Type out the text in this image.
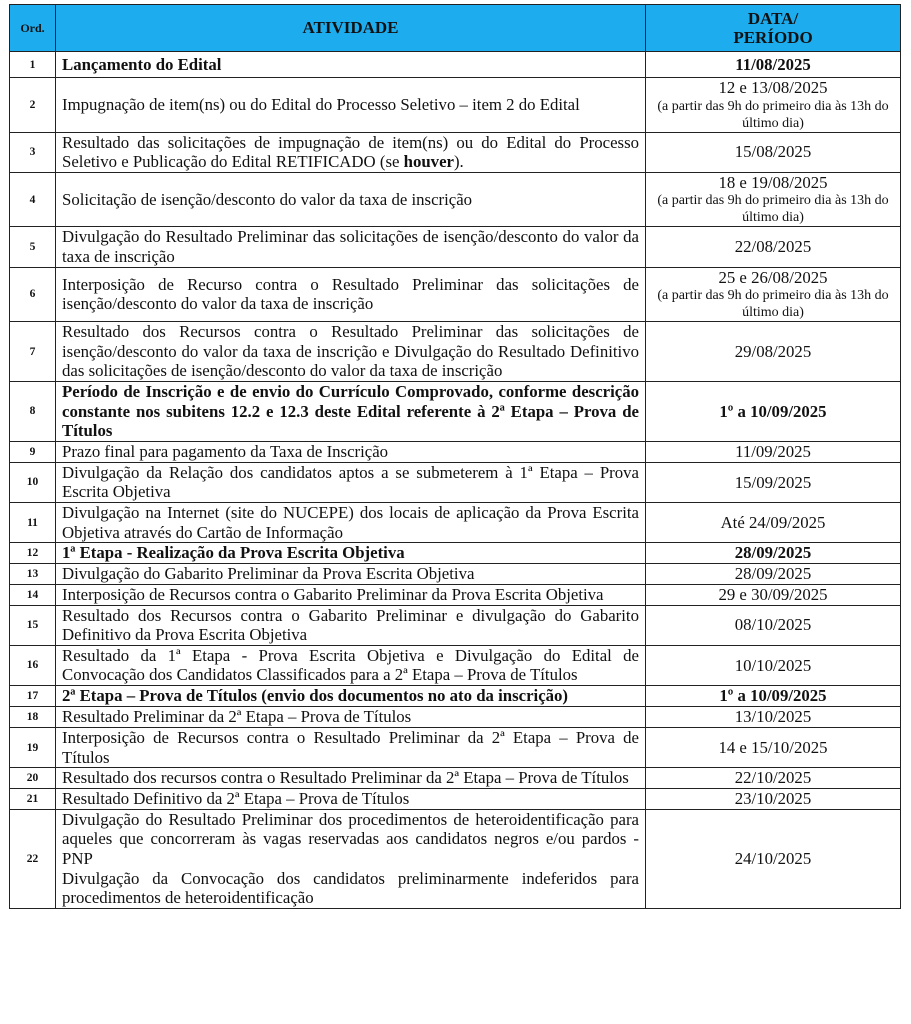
Ord.	ATIVIDADE	DATA/
PERÍODO

1	Lançamento do Edital	11/08/2025
2	Impugnação de item(ns) ou do Edital do Processo Seletivo – item 2 do Edital	12 e 13/08/2025
(a partir das 9h do primeiro dia às 13h do último dia)

3	Resultado das solicitações de impugnação de item(ns) ou do Edital do Processo Seletivo e Publicação do Edital RETIFICADO (se houver).	15/08/2025
4	Solicitação de isenção/desconto do valor da taxa de inscrição	18 e 19/08/2025
(a partir das 9h do primeiro dia às 13h do último dia)

5	Divulgação do Resultado Preliminar das solicitações de isenção/desconto do valor da taxa de inscrição	22/08/2025
6	Interposição de Recurso contra o Resultado Preliminar das solicitações de isenção/desconto do valor da taxa de inscrição	25 e 26/08/2025
(a partir das 9h do primeiro dia às 13h do último dia)

7	Resultado dos Recursos contra o Resultado Preliminar das solicitações de isenção/desconto do valor da taxa de inscrição e Divulgação do Resultado Definitivo das solicitações de isenção/desconto do valor da taxa de inscrição	29/08/2025
8	Período de Inscrição e de envio do Currículo Comprovado, conforme descrição constante nos subitens 12.2 e 12.3 deste Edital referente à 2ª Etapa – Prova de Títulos	1º a 10/09/2025
9	Prazo final para pagamento da Taxa de Inscrição	11/09/2025
10	Divulgação da Relação dos candidatos aptos a se submeterem à 1ª Etapa – Prova Escrita Objetiva	15/09/2025
11	Divulgação na Internet (site do NUCEPE) dos locais de aplicação da Prova Escrita Objetiva através do Cartão de Informação	Até 24/09/2025
12	1ª Etapa - Realização da Prova Escrita Objetiva	28/09/2025
13	Divulgação do Gabarito Preliminar da Prova Escrita Objetiva	28/09/2025
14	Interposição de Recursos contra o Gabarito Preliminar da Prova Escrita Objetiva	29 e 30/09/2025
15	Resultado dos Recursos contra o Gabarito Preliminar e divulgação do Gabarito Definitivo da Prova Escrita Objetiva	08/10/2025
16	Resultado da 1ª Etapa - Prova Escrita Objetiva e Divulgação do Edital de Convocação dos Candidatos Classificados para a 2ª Etapa – Prova de Títulos	10/10/2025
17	2ª Etapa – Prova de Títulos (envio dos documentos no ato da inscrição)	1º a 10/09/2025
18	Resultado Preliminar da 2ª Etapa – Prova de Títulos	13/10/2025
19	Interposição de Recursos contra o Resultado Preliminar da 2ª Etapa – Prova de Títulos	14 e 15/10/2025
20	Resultado dos recursos contra o Resultado Preliminar da 2ª Etapa – Prova de Títulos	22/10/2025
21	Resultado Definitivo da 2ª Etapa – Prova de Títulos	23/10/2025
22	Divulgação do Resultado Preliminar dos procedimentos de heteroidentificação para aqueles que concorreram às vagas reservadas aos candidatos negros e/ou pardos - PNP
Divulgação da Convocação dos candidatos preliminarmente indeferidos para procedimentos de heteroidentificação	24/10/2025
